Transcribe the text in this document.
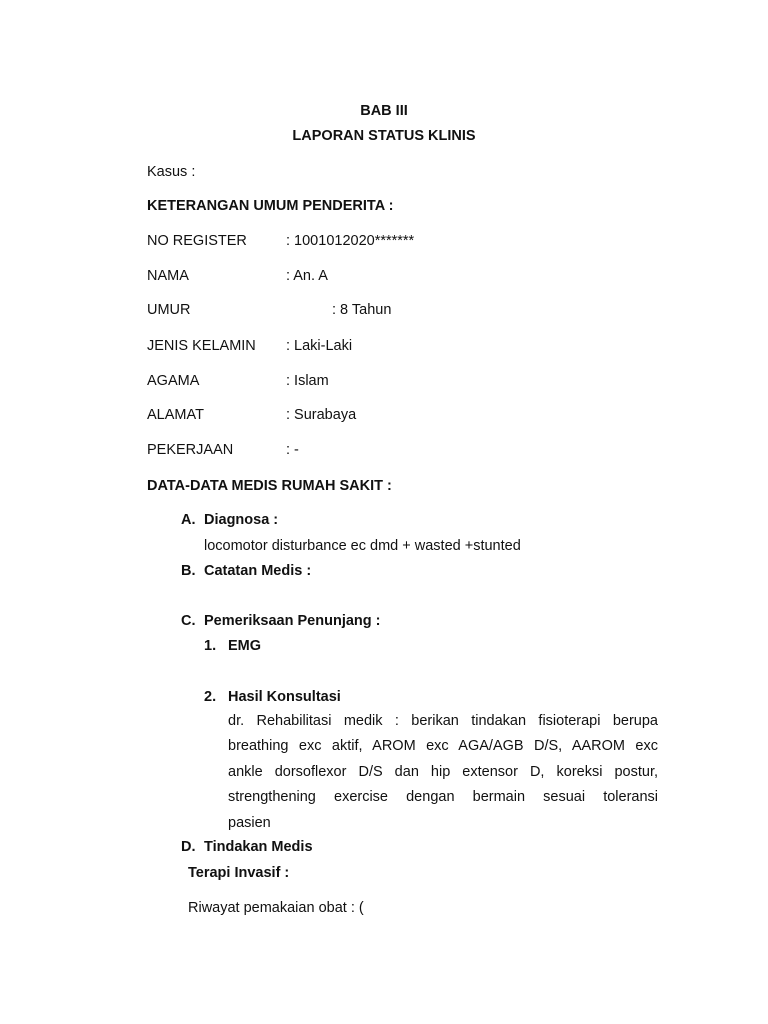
BAB III
LAPORAN STATUS KLINIS
Kasus :
KETERANGAN UMUM PENDERITA :
NO REGISTER	: 1001012020*******
NAMA	: An. A
UMUR	: 8 Tahun
JENIS KELAMIN : Laki-Laki
AGAMA	: Islam
ALAMAT	: Surabaya
PEKERJAAN	: -
DATA-DATA MEDIS RUMAH SAKIT :
A. Diagnosa :
locomotor disturbance ec dmd + wasted +stunted
B. Catatan Medis :
C. Pemeriksaan Penunjang :
1. EMG
2. Hasil Konsultasi
dr. Rehabilitasi medik : berikan tindakan fisioterapi berupa
breathing exc aktif, AROM exc AGA/AGB D/S, AAROM exc
ankle dorsoflexor D/S dan hip extensor D, koreksi postur,
strengthening exercise dengan bermain sesuai toleransi
pasien
D. Tindakan Medis
Terapi Invasif :
Riwayat pemakaian obat : (
